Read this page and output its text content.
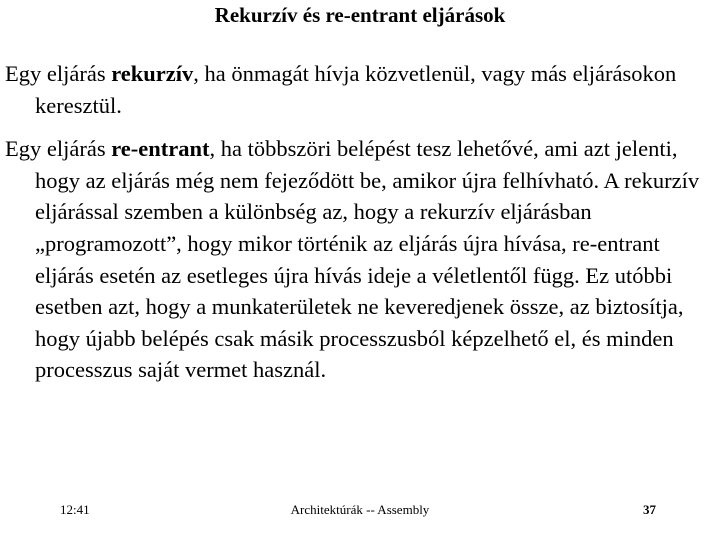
Rekurzív és re-entrant eljárások

Egy eljárás rekurzív, ha önmagát hívja közvetlenül, vagy más eljárásokon keresztül.

Egy eljárás re-entrant, ha többszöri belépést tesz lehetővé, ami azt jelenti, hogy az eljárás még nem fejeződött be, amikor újra felhívható. A rekurzív eljárással szemben a különbség az, hogy a rekurzív eljárásban „programozott”, hogy mikor történik az eljárás újra hívása, re-entrant eljárás esetén az esetleges újra hívás ideje a véletlentől függ. Ez utóbbi esetben azt, hogy a munkaterületek ne keveredjenek össze, az biztosítja, hogy újabb belépés csak másik processzusból képzelhető el, és minden processzus saját vermet használ.

12:41	Architektúrák -- Assembly	37
